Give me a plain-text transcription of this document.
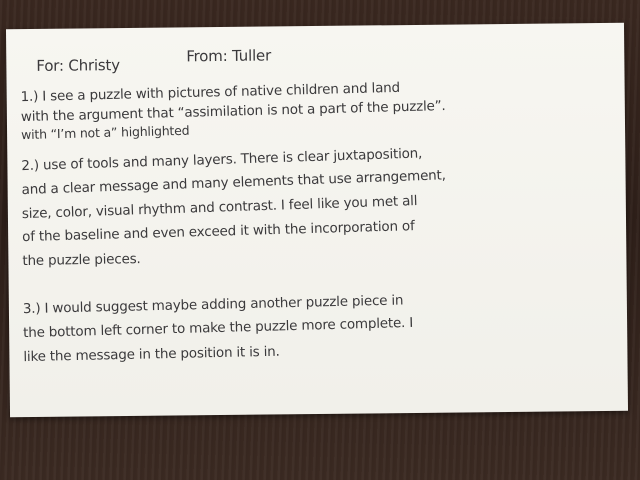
For: Christy
From: Tuller
1.) I see a puzzle with pictures of native children and land
with the argument that “assimilation is not a part of the puzzle”.
with “I’m not a” highlighted
2.) use of tools and many layers. There is clear juxtaposition,
and a clear message and many elements that use arrangement,
size, color, visual rhythm and contrast. I feel like you met all
of the baseline and even exceed it with the incorporation of
the puzzle pieces.
3.) I would suggest maybe adding another puzzle piece in
the bottom left corner to make the puzzle more complete. I
like the message in the position it is in.
